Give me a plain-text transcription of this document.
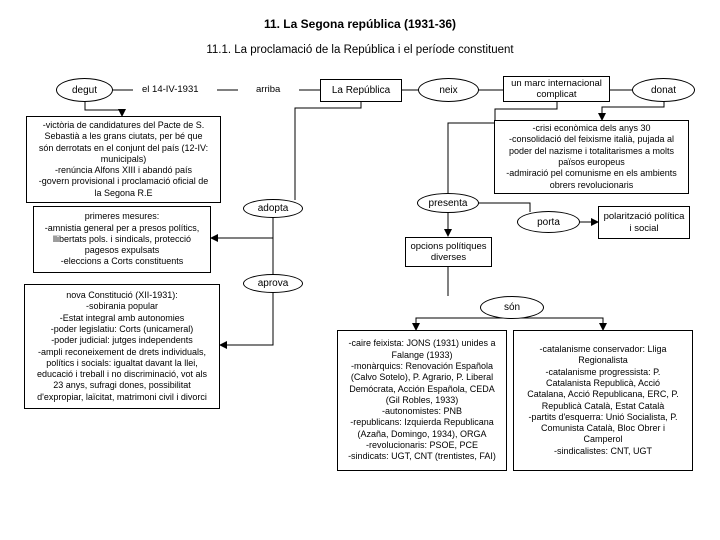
11. La Segona república (1931-36)
11.1. La proclamació de la República i el període constituent
degut	el 14-IV-1931	arriba	La República	neix
un marc internacional complicat	donat
-victòria de candidatures del Pacte de S.
Sebastià a les grans ciutats, per bé que
són derrotats en el conjunt del país (12-IV:
municipals)
-renúncia Alfons XIII i abandó país
-govern provisional i proclamació oficial de
la Segona R.E
-crisi econòmica dels anys 30
-consolidació del feixisme italià, pujada al
poder del nazisme i totalitarismes a molts
països europeus
-admiració pel comunisme en els ambients
obrers revolucionaris
adopta	presenta
porta	polarització política i social
primeres mesures:
-amnistia general per a presos polítics,
llibertats pols. i sindicals, protecció
pagesos expulsats
-eleccions a Corts constituents
opcions polítiques diverses
aprova
són
nova Constitució (XII-1931):
-sobirania popular
-Estat integral amb autonomies
-poder legislatiu: Corts (unicameral)
-poder judicial: jutges independents
-ampli reconeixement de drets individuals,
polítics i socials: igualtat davant la llei,
educació i treball i no discriminació, vot als
23 anys, sufragi dones, possibilitat
d'expropiar, laïcitat, matrimoni civil i divorci
-caire feixista: JONS (1931) unides a
Falange (1933)
-monàrquics: Renovación Española
(Calvo Sotelo), P. Agrario, P. Liberal
Demócrata, Acción Española, CEDA
(Gil Robles, 1933)
-autonomistes: PNB
-republicans: Izquierda Republicana
(Azaña, Domingo, 1934), ORGA
-revolucionaris: PSOE, PCE
-sindicats: UGT, CNT (trentistes, FAI)
-catalanisme conservador: Lliga
Regionalista
-catalanisme progressista: P.
Catalanista Republicà, Acció
Catalana, Acció Republicana, ERC, P.
Republicà Català, Estat Català
-partits d'esquerra: Unió Socialista, P.
Comunista Català, Bloc Obrer i
Camperol
-sindicalistes: CNT, UGT
